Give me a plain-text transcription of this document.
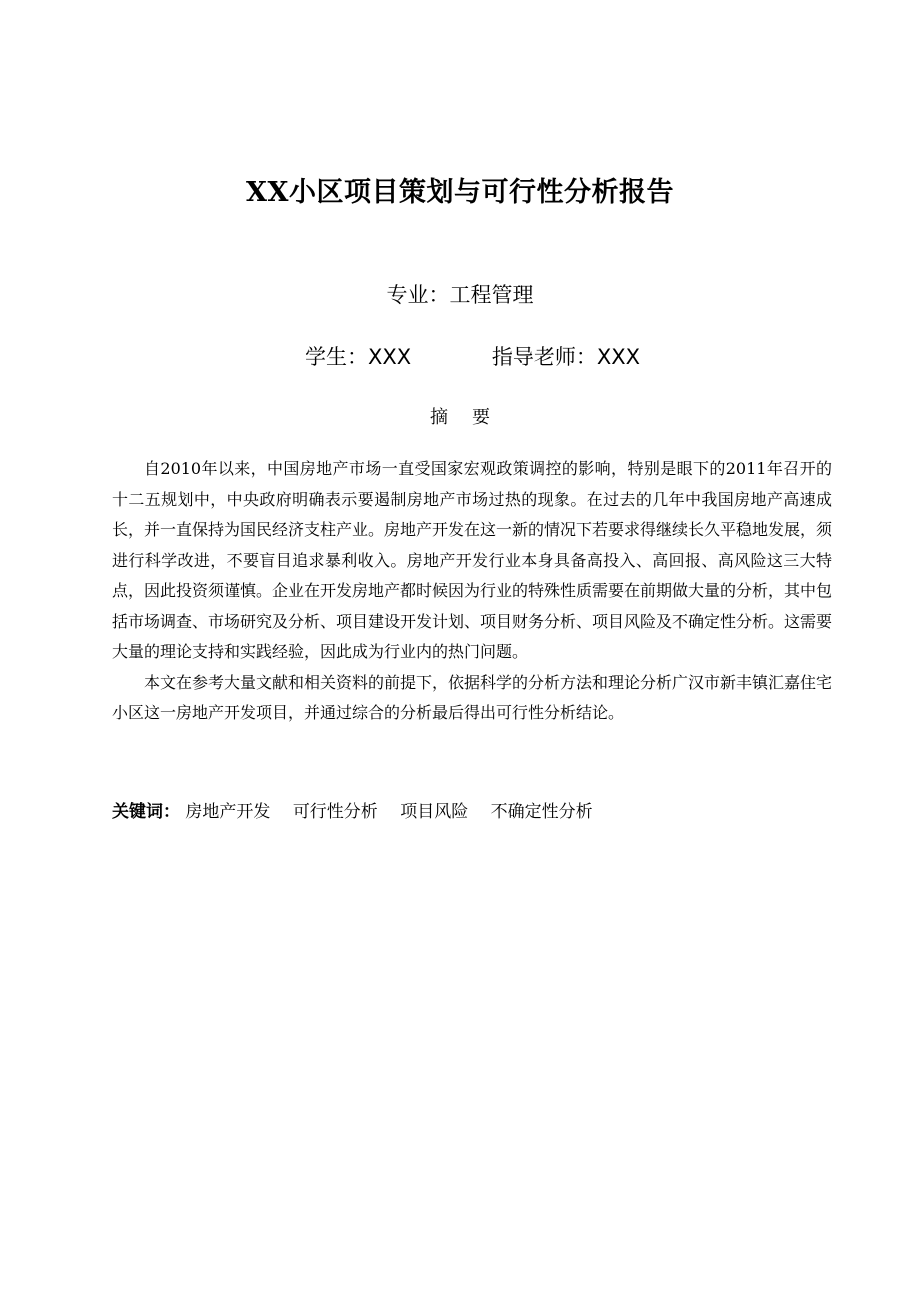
XX小区项目策划与可行性分析报告
专业：工程管理
学生：XXX	指导老师：XXX
摘要

自2010年以来，中国房地产市场一直受国家宏观政策调控的影响，特别是眼下的2011年召开的十二五规划中，中央政府明确表示要遏制房地产市场过热的现象。在过去的几年中我国房地产高速成长，并一直保持为国民经济支柱产业。房地产开发在这一新的情况下若要求得继续长久平稳地发展，须进行科学改进，不要盲目追求暴利收入。房地产开发行业本身具备高投入、高回报、高风险这三大特点，因此投资须谨慎。企业在开发房地产都时候因为行业的特殊性质需要在前期做大量的分析，其中包括市场调查、市场研究及分析、项目建设开发计划、项目财务分析、项目风险及不确定性分析。这需要大量的理论支持和实践经验，因此成为行业内的热门问题。

本文在参考大量文献和相关资料的前提下，依据科学的分析方法和理论分析广汉市新丰镇汇嘉住宅小区这一房地产开发项目，并通过综合的分析最后得出可行性分析结论。

关键词： 房地产开发 可行性分析 项目风险 不确定性分析
